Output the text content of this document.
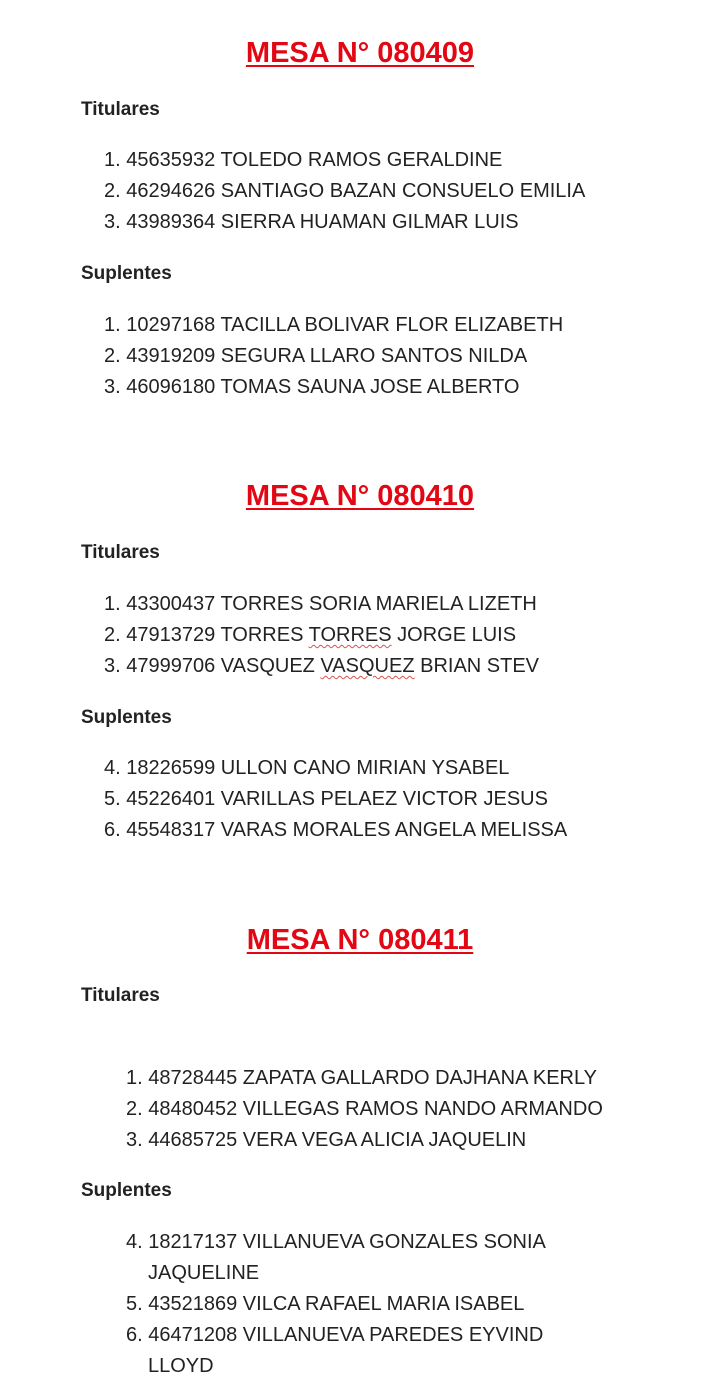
MESA N° 080409
Titulares
1. 45635932 TOLEDO RAMOS GERALDINE
2. 46294626 SANTIAGO BAZAN CONSUELO EMILIA
3. 43989364 SIERRA HUAMAN GILMAR LUIS
Suplentes
1. 10297168 TACILLA BOLIVAR FLOR ELIZABETH
2. 43919209 SEGURA LLARO SANTOS NILDA
3. 46096180 TOMAS SAUNA JOSE ALBERTO
MESA N° 080410
Titulares
1. 43300437 TORRES SORIA MARIELA LIZETH
2. 47913729 TORRES TORRES JORGE LUIS
3. 47999706 VASQUEZ VASQUEZ BRIAN STEV
Suplentes
4. 18226599 ULLON CANO MIRIAN YSABEL
5. 45226401 VARILLAS PELAEZ VICTOR JESUS
6. 45548317 VARAS MORALES ANGELA MELISSA
MESA N° 080411
Titulares
1. 48728445 ZAPATA GALLARDO DAJHANA KERLY
2. 48480452 VILLEGAS RAMOS NANDO ARMANDO
3. 44685725 VERA VEGA ALICIA JAQUELIN
Suplentes
4. 18217137 VILLANUEVA GONZALES SONIA
JAQUELINE
5. 43521869 VILCA RAFAEL MARIA ISABEL
6. 46471208 VILLANUEVA PAREDES EYVIND
LLOYD
